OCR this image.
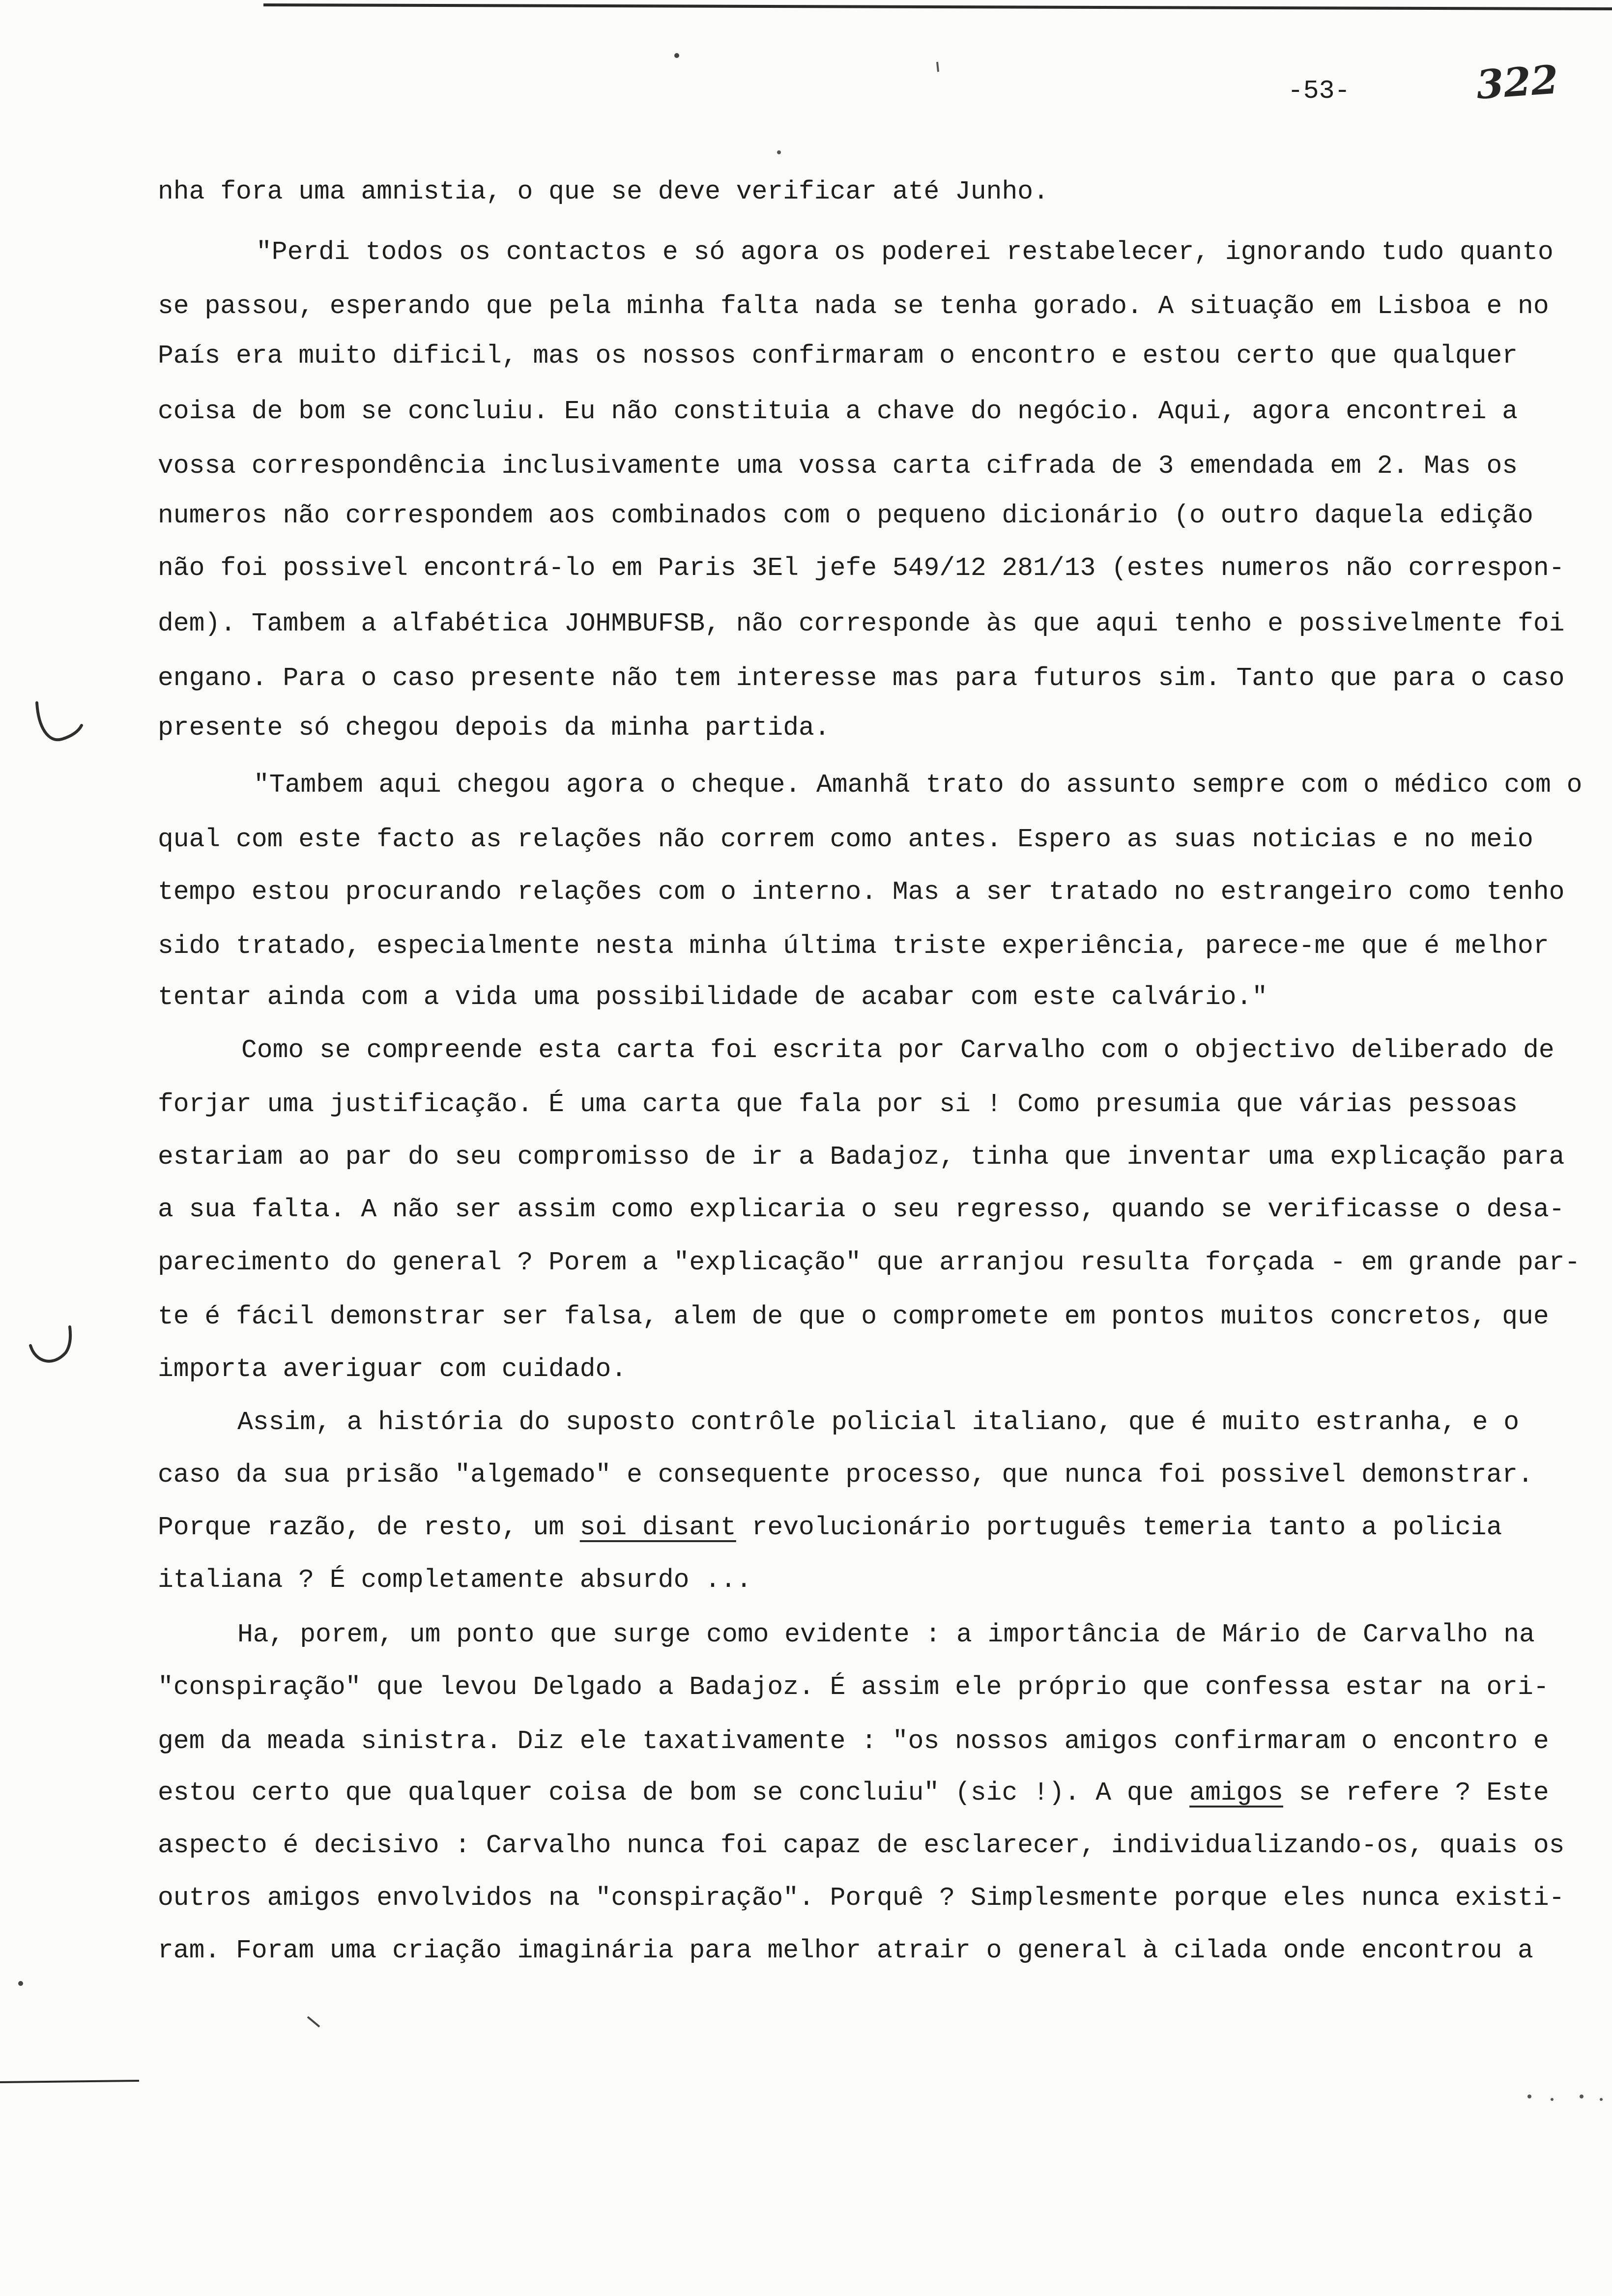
-53-	322
nha fora uma amnistia, o que se deve verificar até Junho.
"Perdi todos os contactos e só agora os poderei restabelecer, ignorando tudo quanto
se passou, esperando que pela minha falta nada se tenha gorado. A situação em Lisboa e no
País era muito dificil, mas os nossos confirmaram o encontro e estou certo que qualquer
coisa de bom se concluiu. Eu não constituia a chave do negócio. Aqui, agora encontrei a
vossa correspondência inclusivamente uma vossa carta cifrada de 3 emendada em 2. Mas os
numeros não correspondem aos combinados com o pequeno dicionário (o outro daquela edição
não foi possivel encontrá-lo em Paris 3El jefe 549/12 281/13 (estes numeros não correspon-
dem). Tambem a alfabética JOHMBUFSB, não corresponde às que aqui tenho e possivelmente foi
engano. Para o caso presente não tem interesse mas para futuros sim. Tanto que para o caso
presente só chegou depois da minha partida.
"Tambem aqui chegou agora o cheque. Amanhã trato do assunto sempre com o médico com o
qual com este facto as relações não correm como antes. Espero as suas noticias e no meio
tempo estou procurando relações com o interno. Mas a ser tratado no estrangeiro como tenho
sido tratado, especialmente nesta minha última triste experiência, parece-me que é melhor
tentar ainda com a vida uma possibilidade de acabar com este calvário."
Como se compreende esta carta foi escrita por Carvalho com o objectivo deliberado de
forjar uma justificação. É uma carta que fala por si ! Como presumia que várias pessoas
estariam ao par do seu compromisso de ir a Badajoz, tinha que inventar uma explicação para
a sua falta. A não ser assim como explicaria o seu regresso, quando se verificasse o desa-
parecimento do general ? Porem a "explicação" que arranjou resulta forçada - em grande par-
te é fácil demonstrar ser falsa, alem de que o compromete em pontos muitos concretos, que
importa averiguar com cuidado.
Assim, a história do suposto contrôle policial italiano, que é muito estranha, e o
caso da sua prisão "algemado" e consequente processo, que nunca foi possivel demonstrar.
Porque razão, de resto, um soi disant revolucionário português temeria tanto a policia
italiana ? É completamente absurdo ...
Ha, porem, um ponto que surge como evidente : a importância de Mário de Carvalho na
"conspiração" que levou Delgado a Badajoz. É assim ele próprio que confessa estar na ori-
gem da meada sinistra. Diz ele taxativamente : "os nossos amigos confirmaram o encontro e
estou certo que qualquer coisa de bom se concluiu" (sic !). A que amigos se refere ? Este
aspecto é decisivo : Carvalho nunca foi capaz de esclarecer, individualizando-os, quais os
outros amigos envolvidos na "conspiração". Porquê ? Simplesmente porque eles nunca existi-
ram. Foram uma criação imaginária para melhor atrair o general à cilada onde encontrou a
